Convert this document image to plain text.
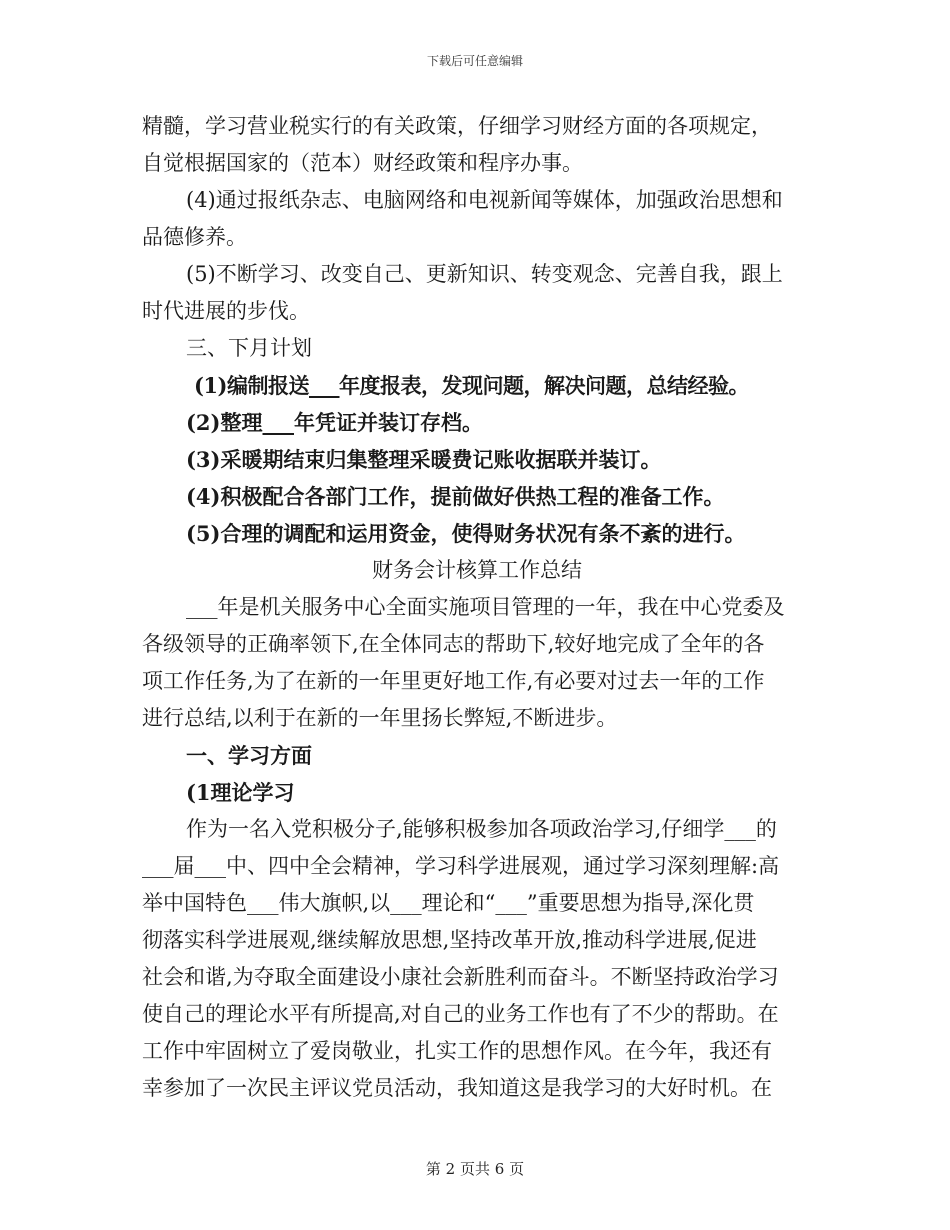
下载后可任意编辑
精髓，学习营业税实行的有关政策，仔细学习财经方面的各项规定，
自觉根据国家的（范本）财经政策和程序办事。
(4)通过报纸杂志、电脑网络和电视新闻等媒体，加强政治思想和
品德修养。
(5)不断学习、改变自己、更新知识、转变观念、完善自我，跟上
时代进展的步伐。
三、下月计划
(1)编制报送___年度报表，发现问题，解决问题，总结经验。
(2)整理___年凭证并装订存档。
(3)采暖期结束归集整理采暖费记账收据联并装订。
(4)积极配合各部门工作，提前做好供热工程的准备工作。
(5)合理的调配和运用资金，使得财务状况有条不紊的进行。
财务会计核算工作总结
___年是机关服务中心全面实施项目管理的一年，我在中心党委及
各级领导的正确率领下,在全体同志的帮助下,较好地完成了全年的各
项工作任务,为了在新的一年里更好地工作,有必要对过去一年的工作
进行总结,以利于在新的一年里扬长弊短,不断进步。
一、学习方面
(1理论学习
作为一名入党积极分子,能够积极参加各项政治学习,仔细学___的
___届___中、四中全会精神，学习科学进展观，通过学习深刻理解:高
举中国特色___伟大旗帜,以___理论和“___”重要思想为指导,深化贯
彻落实科学进展观,继续解放思想,坚持改革开放,推动科学进展,促进
社会和谐,为夺取全面建设小康社会新胜利而奋斗。不断坚持政治学习
使自己的理论水平有所提高,对自己的业务工作也有了不少的帮助。在
工作中牢固树立了爱岗敬业，扎实工作的思想作风。在今年，我还有
幸参加了一次民主评议党员活动，我知道这是我学习的大好时机。在
第 2 页共 6 页
